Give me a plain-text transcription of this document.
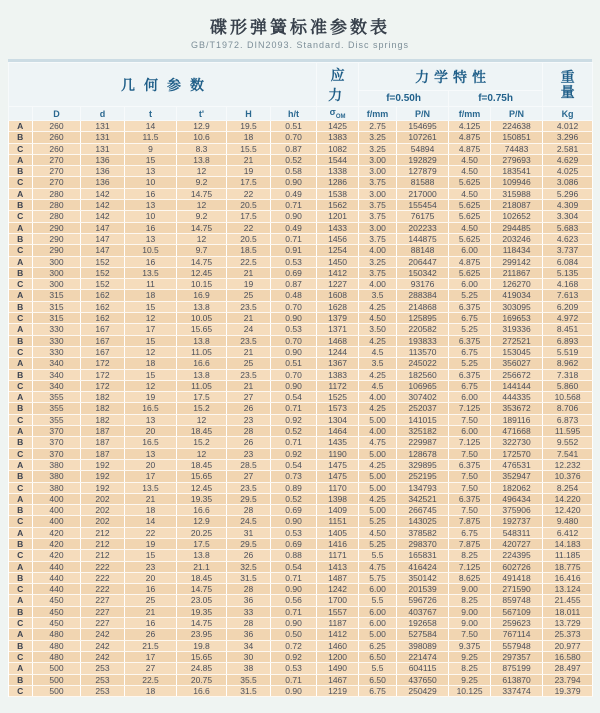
碟形弹簧标准参数表
GB/T1972. DIN2093. Standard. Disc springs
几何参数							应力	力学特性				重
量

								f=0.50h		f=0.75h		
	D	d	t	t'	H	h/t	$\sigma_{OM}$	f/mm	P/N	f/mm	P/N	Kg
A	260	131	14	12.9	19.5	0.51	1425	2.75	154695	4.125	224638	4.012
B	260	131	11.5	10.6	18	0.70	1383	3.25	107261	4.875	150851	3.296
C	260	131	9	8.3	15.5	0.87	1082	3.25	54894	4.875	74483	2.581
A	270	136	15	13.8	21	0.52	1544	3.00	192829	4.50	279693	4.629
B	270	136	13	12	19	0.58	1338	3.00	127879	4.50	183541	4.025
C	270	136	10	9.2	17.5	0.90	1286	3.75	81588	5.625	109946	3.086
A	280	142	16	14.75	22	0.49	1538	3.00	217000	4.50	315988	5.296
B	280	142	13	12	20.5	0.71	1562	3.75	155454	5.625	218087	4.309
C	280	142	10	9.2	17.5	0.90	1201	3.75	76175	5.625	102652	3.304
A	290	147	16	14.75	22	0.49	1433	3.00	202233	4.50	294485	5.683
B	290	147	13	12	20.5	0.71	1456	3.75	144875	5.625	203246	4.623
C	290	147	10.5	9.7	18.5	0.91	1254	4.00	88148	6.00	118434	3.737
A	300	152	16	14.75	22.5	0.53	1450	3.25	206447	4.875	299142	6.084
B	300	152	13.5	12.45	21	0.69	1412	3.75	150342	5.625	211867	5.135
C	300	152	11	10.15	19	0.87	1227	4.00	93176	6.00	126270	4.168
A	315	162	18	16.9	25	0.48	1608	3.5	288384	5.25	419034	7.613
B	315	162	15	13.8	23.5	0.70	1628	4.25	214868	6.375	303095	6.209
C	315	162	12	10.05	21	0.90	1379	4.50	125895	6.75	169653	4.972
A	330	167	17	15.65	24	0.53	1371	3.50	220582	5.25	319336	8.451
B	330	167	15	13.8	23.5	0.70	1468	4.25	193833	6.375	272521	6.893
C	330	167	12	11.05	21	0.90	1244	4.5	113570	6.75	153045	5.519
A	340	172	18	16.6	25	0.51	1367	3.5	245022	5.25	356027	8.962
B	340	172	15	13.8	23.5	0.70	1383	4.25	182560	6.375	256672	7.318
C	340	172	12	11.05	21	0.90	1172	4.5	106965	6.75	144144	5.860
A	355	182	19	17.5	27	0.54	1525	4.00	307402	6.00	444335	10.568
B	355	182	16.5	15.2	26	0.71	1573	4.25	252037	7.125	353672	8.706
C	355	182	13	12	23	0.92	1304	5.00	141015	7.50	189116	6.873
A	370	187	20	18.45	28	0.52	1464	4.00	325182	6.00	471668	11.595
B	370	187	16.5	15.2	26	0.71	1435	4.75	229987	7.125	322730	9.552
C	370	187	13	12	23	0.92	1190	5.00	128678	7.50	172570	7.541
A	380	192	20	18.45	28.5	0.54	1475	4.25	329895	6.375	476531	12.232
B	380	192	17	15.65	27	0.73	1475	5.00	252195	7.50	352947	10.376
C	380	192	13.5	12.45	23.5	0.89	1170	5.00	134793	7.50	182062	8.254
A	400	202	21	19.35	29.5	0.52	1398	4.25	342521	6.375	496434	14.220
B	400	202	18	16.6	28	0.69	1409	5.00	266745	7.50	375906	12.420
C	400	202	14	12.9	24.5	0.90	1151	5.25	143025	7.875	192737	9.480
A	420	212	22	20.25	31	0.53	1405	4.50	378582	6.75	548311	6.412
B	420	212	19	17.5	29.5	0.69	1416	5.25	298370	7.875	420727	14.183
C	420	212	15	13.8	26	0.88	1171	5.5	165831	8.25	224395	11.185
A	440	222	23	21.1	32.5	0.54	1413	4.75	416424	7.125	602726	18.775
B	440	222	20	18.45	31.5	0.71	1487	5.75	350142	8.625	491418	16.416
C	440	222	16	14.75	28	0.90	1242	6.00	201539	9.00	271590	13.124
A	450	227	25	23.05	36	0.56	1700	5.5	596726	8.25	859748	21.455
B	450	227	21	19.35	33	0.71	1557	6.00	403767	9.00	567109	18.011
C	450	227	16	14.75	28	0.90	1187	6.00	192658	9.00	259623	13.729
A	480	242	26	23.95	36	0.50	1412	5.00	527584	7.50	767114	25.373
B	480	242	21.5	19.8	34	0.72	1460	6.25	398089	9.375	557948	20.977
C	480	242	17	15.65	30	0.92	1200	6.50	221474	9.25	297357	16.580
A	500	253	27	24.85	38	0.53	1490	5.5	604115	8.25	875199	28.497
B	500	253	22.5	20.75	35.5	0.71	1467	6.50	437650	9.25	613870	23.794
C	500	253	18	16.6	31.5	0.90	1219	6.75	250429	10.125	337474	19.379
